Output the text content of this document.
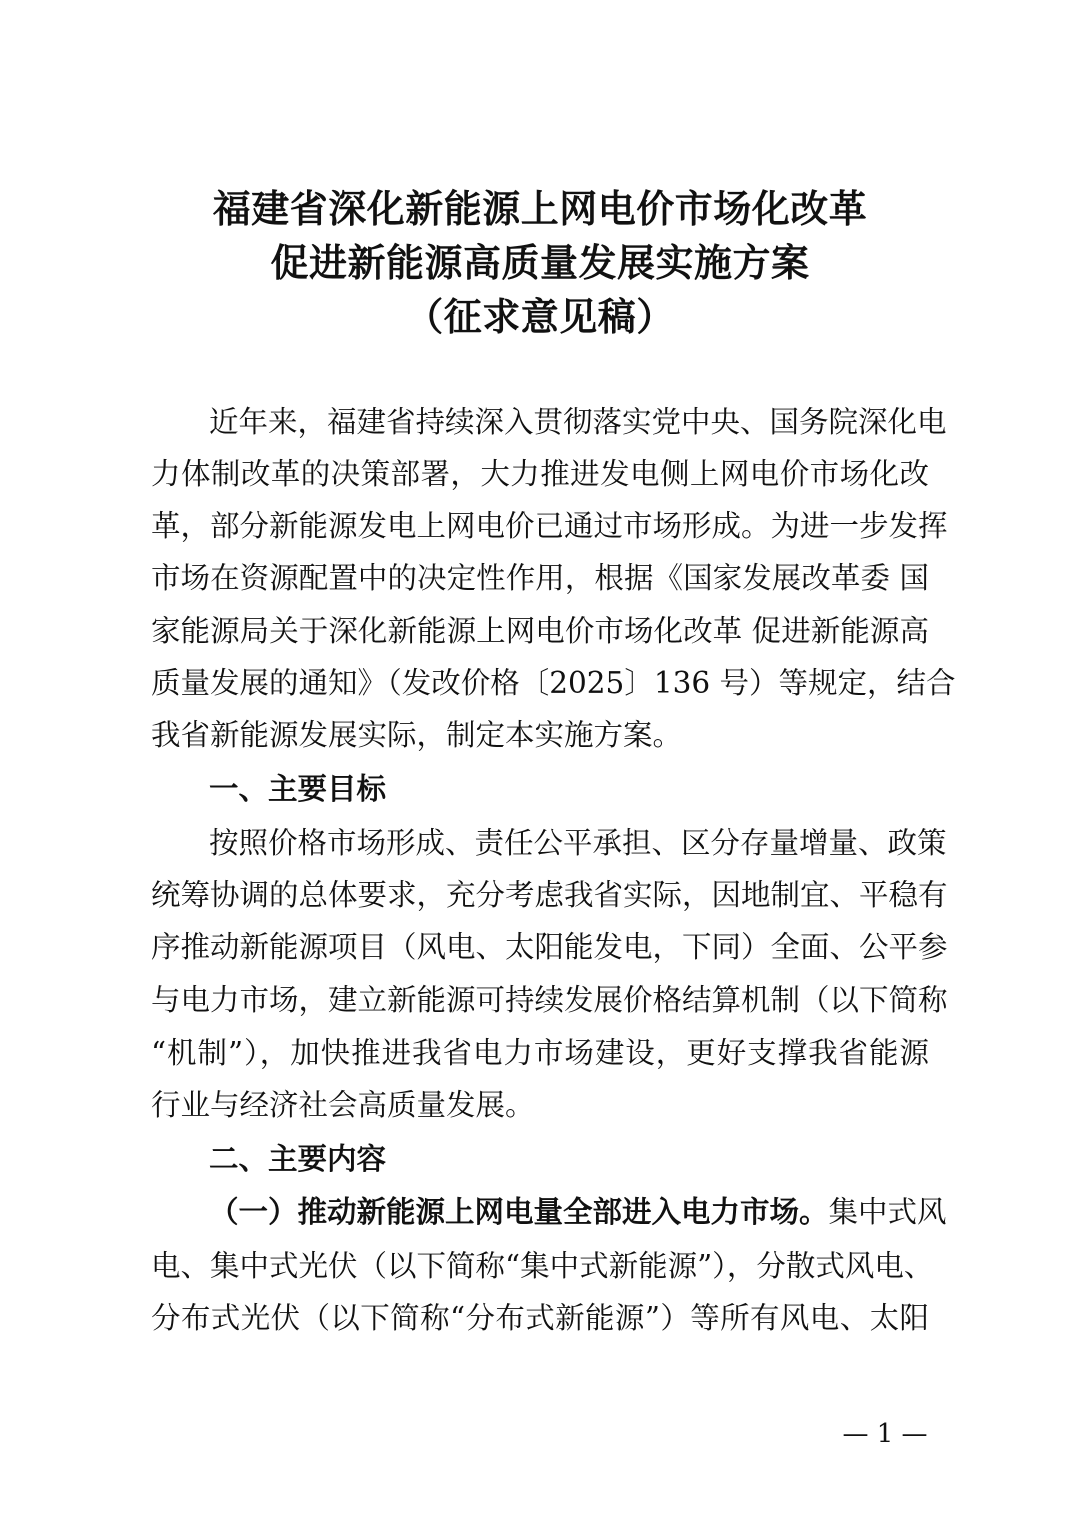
福建省深化新能源上网电价市场化改革
促进新能源高质量发展实施方案
（征求意见稿）
近年来，福建省持续深入贯彻落实党中央、国务院深化电
力体制改革的决策部署，大力推进发电侧上网电价市场化改
革，部分新能源发电上网电价已通过市场形成。为进一步发挥
市场在资源配置中的决定性作用，根据《国家发展改革委 国
家能源局关于深化新能源上网电价市场化改革 促进新能源高
质量发展的通知》（发改价格〔2025〕136 号）等规定，结合
我省新能源发展实际，制定本实施方案。
一、主要目标
按照价格市场形成、责任公平承担、区分存量增量、政策
统筹协调的总体要求，充分考虑我省实际，因地制宜、平稳有
序推动新能源项目（风电、太阳能发电，下同）全面、公平参
与电力市场，建立新能源可持续发展价格结算机制（以下简称
“机制”），加快推进我省电力市场建设，更好支撑我省能源
行业与经济社会高质量发展。
二、主要内容
（一）推动新能源上网电量全部进入电力市场。集中式风
电、集中式光伏（以下简称“集中式新能源”），分散式风电、
分布式光伏（以下简称“分布式新能源”）等所有风电、太阳
— 1 —
